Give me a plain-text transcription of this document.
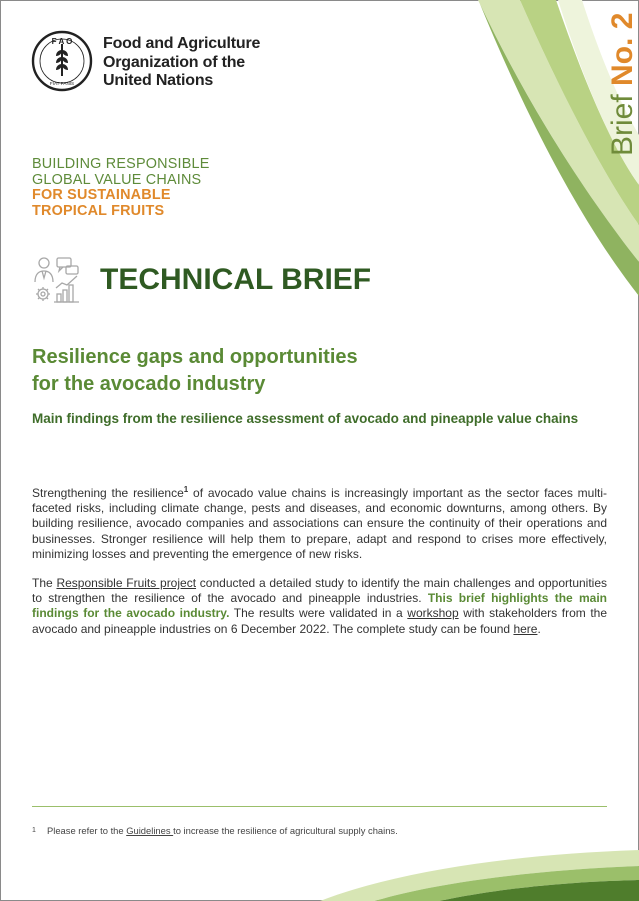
Brief No. 2
F A O
FIAT PANIS
Food and Agriculture
Organization of the
United Nations
BUILDING RESPONSIBLE
GLOBAL VALUE CHAINS
FOR SUSTAINABLE
TROPICAL FRUITS
TECHNICAL BRIEF
Resilience gaps and opportunities
for the avocado industry
Main findings from the resilience assessment of avocado and pineapple value chains

Strengthening the resilience$^1$ of avocado value chains is increasingly important as the sector faces multi-faceted risks, including climate change, pests and diseases, and economic downturns, among others. By building resilience, avocado companies and associations can ensure the continuity of their operations and businesses. Stronger resilience will help them to prepare, adapt and respond to crises more effectively, minimizing losses and preventing the emergence of new risks.

The Responsible Fruits project conducted a detailed study to identify the main challenges and opportunities to strengthen the resilience of the avocado and pineapple industries. This brief highlights the main findings for the avocado industry. The results were validated in a workshop with stakeholders from the avocado and pineapple industries on 6 December 2022. The complete study can be found here.

1 Please refer to the Guidelines to increase the resilience of agricultural supply chains.
